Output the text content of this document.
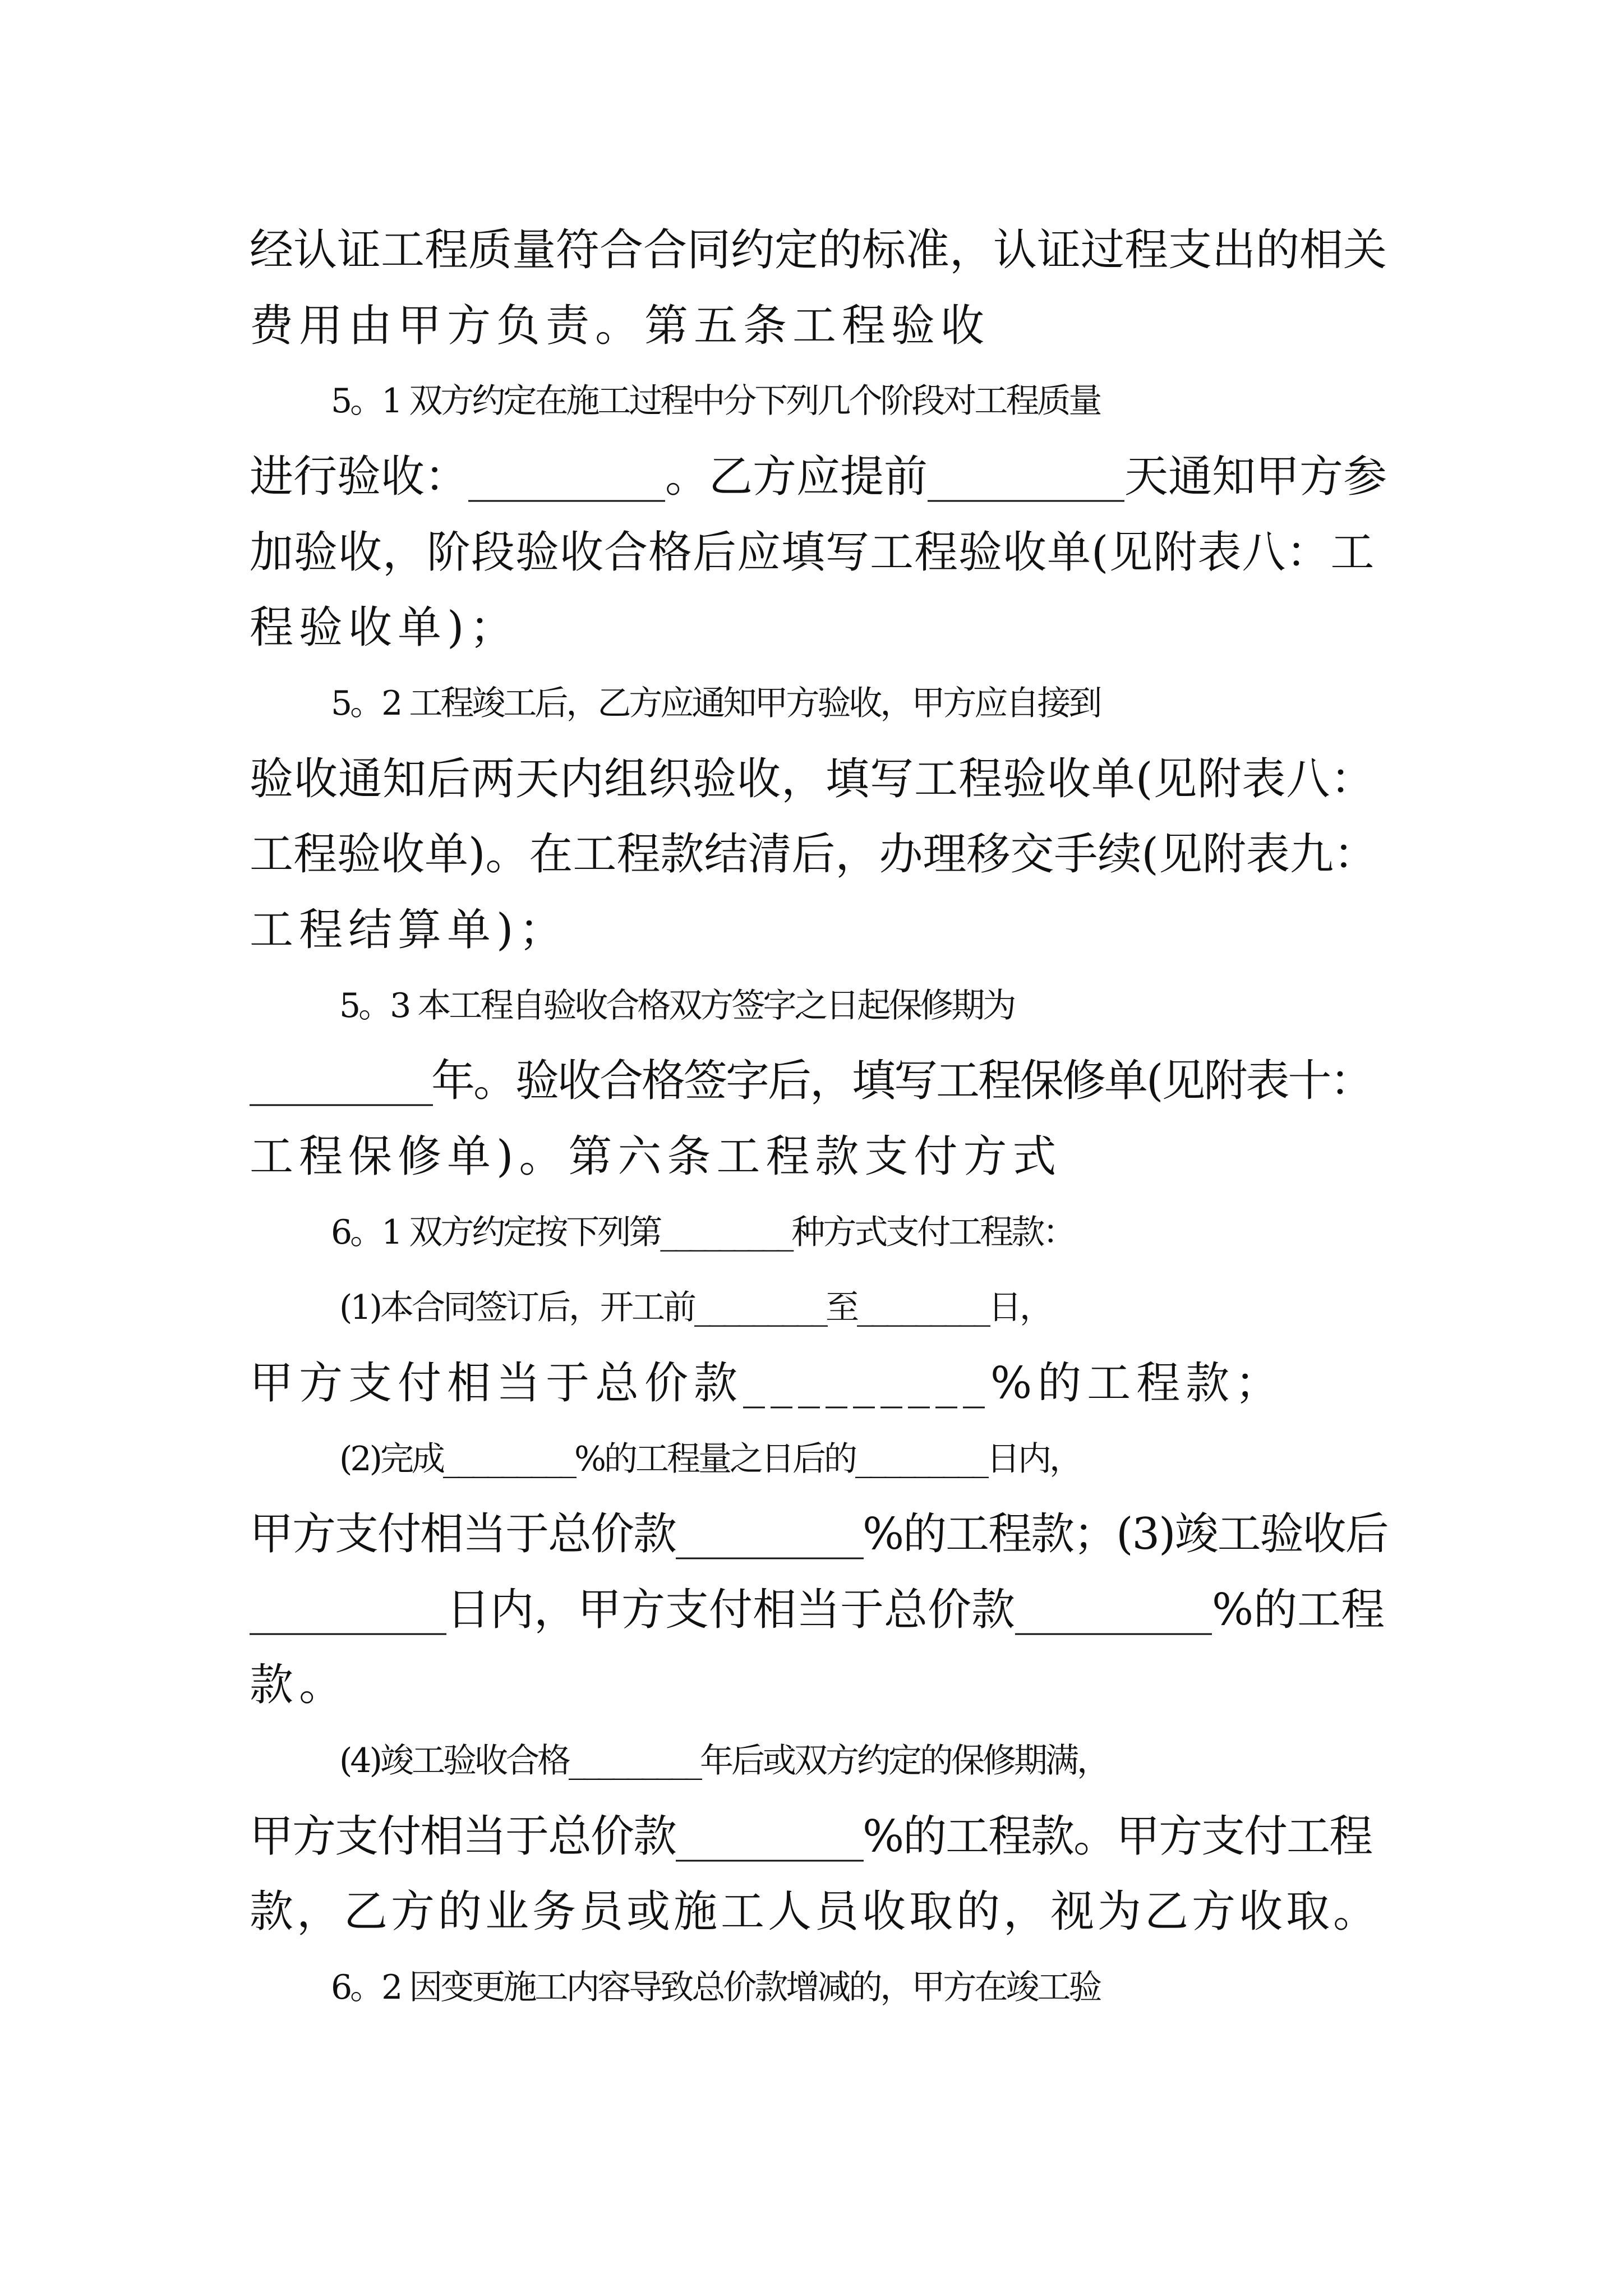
经认证工程质量符合合同约定的标准，认证过程支出的相关
费用由甲方负责。第五条工程验收
5。1 双方约定在施工过程中分下列几个阶段对工程质量
进行验收：_________。乙方应提前_________天通知甲方参
加验收，阶段验收合格后应填写工程验收单(见附表八：工
程验收单)；
5。2 工程竣工后，乙方应通知甲方验收，甲方应自接到
验收通知后两天内组织验收，填写工程验收单(见附表八：
工程验收单)。在工程款结清后，办理移交手续(见附表九：
工程结算单)；
5。3 本工程自验收合格双方签字之日起保修期为
_________年。验收合格签字后，填写工程保修单(见附表十：
工程保修单)。第六条工程款支付方式
6。1 双方约定按下列第_________种方式支付工程款：
(1)本合同签订后，开工前_________至_________日，
甲方支付相当于总价款_________%的工程款；
(2)完成_________%的工程量之日后的_________日内，
甲方支付相当于总价款_________%的工程款；(3)竣工验收后
_________日内，甲方支付相当于总价款_________%的工程
款。
(4)竣工验收合格_________年后或双方约定的保修期满，
甲方支付相当于总价款_________%的工程款。甲方支付工程
款，乙方的业务员或施工人员收取的，视为乙方收取。
6。2 因变更施工内容导致总价款增减的，甲方在竣工验
